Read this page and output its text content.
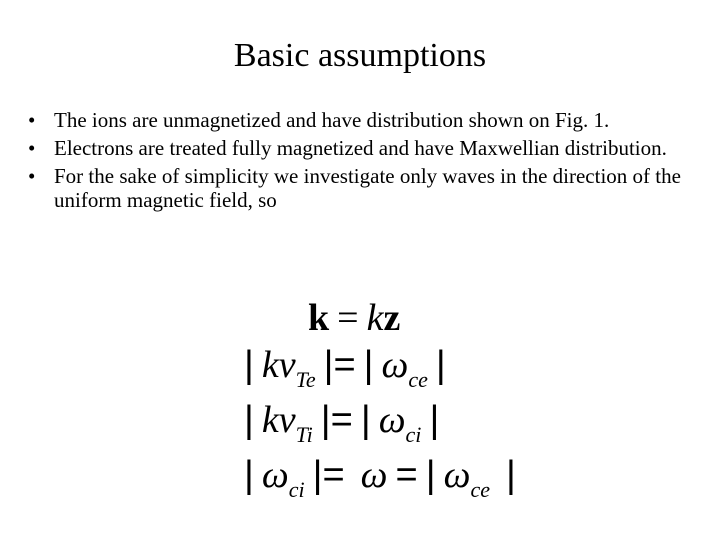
Basic assumptions
• The ions are unmagnetized and have distribution shown on Fig. 1.
• Electrons are treated fully magnetized and have Maxwellian distribution.
• For the sake of simplicity we investigate only waves in the direction of the uniform magnetic field, so
k = kz
| $kv_{Te}$ |= | $\omega_{ce}$ |
| $kv_{Ti}$ |= | $\omega_{ci}$ |
| $\omega_{ci}$ |= ω = | $\omega_{ce}$ |
